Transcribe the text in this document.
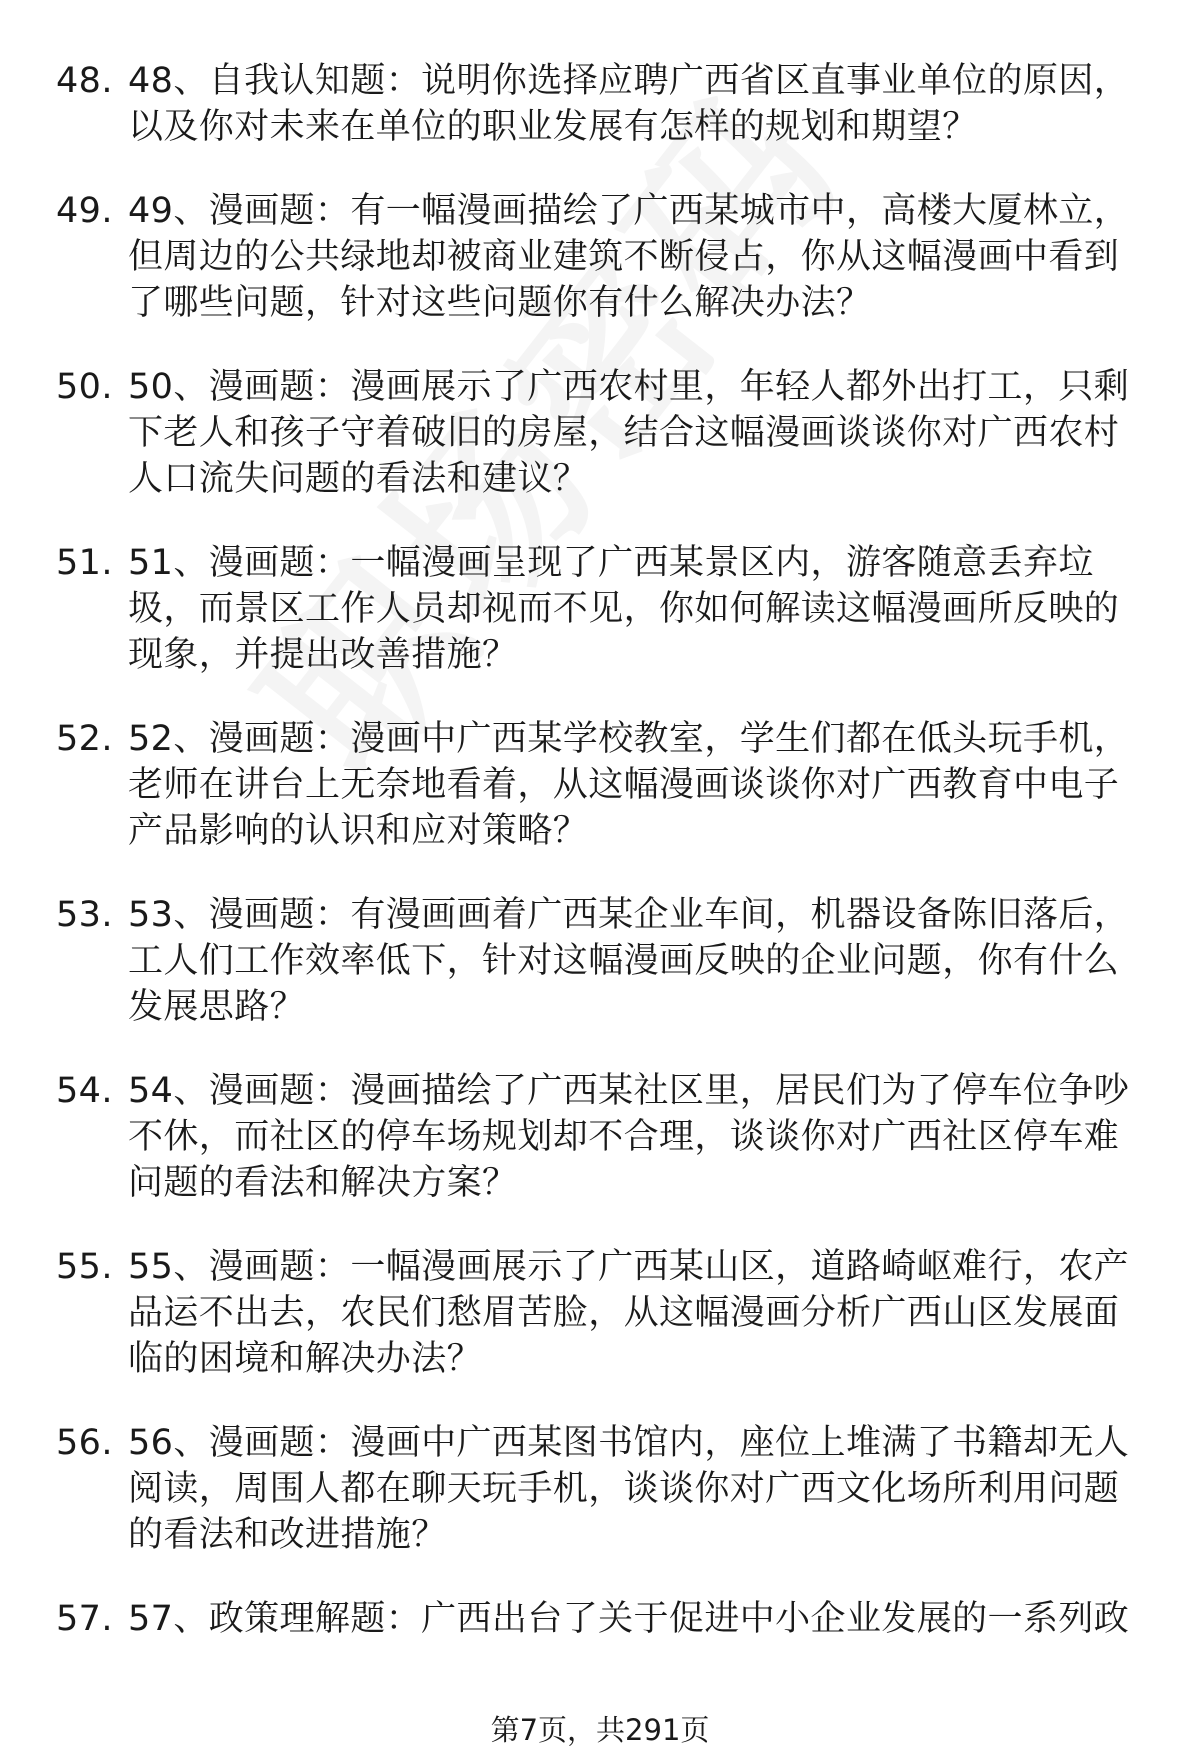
48. 48、自我认知题：说明你选择应聘广西省区直事业单位的原因，以及你对未来在单位的职业发展有怎样的规划和期望？
49. 49、漫画题：有一幅漫画描绘了广西某城市中，高楼大厦林立，但周边的公共绿地却被商业建筑不断侵占，你从这幅漫画中看到了哪些问题，针对这些问题你有什么解决办法？
50. 50、漫画题：漫画展示了广西农村里，年轻人都外出打工，只剩下老人和孩子守着破旧的房屋，结合这幅漫画谈谈你对广西农村人口流失问题的看法和建议？
51. 51、漫画题：一幅漫画呈现了广西某景区内，游客随意丢弃垃圾，而景区工作人员却视而不见，你如何解读这幅漫画所反映的现象，并提出改善措施？
52. 52、漫画题：漫画中广西某学校教室，学生们都在低头玩手机，老师在讲台上无奈地看着，从这幅漫画谈谈你对广西教育中电子产品影响的认识和应对策略？
53. 53、漫画题：有漫画画着广西某企业车间，机器设备陈旧落后，工人们工作效率低下，针对这幅漫画反映的企业问题，你有什么发展思路？
54. 54、漫画题：漫画描绘了广西某社区里，居民们为了停车位争吵不休，而社区的停车场规划却不合理，谈谈你对广西社区停车难问题的看法和解决方案？
55. 55、漫画题：一幅漫画展示了广西某山区，道路崎岖难行，农产品运不出去，农民们愁眉苦脸，从这幅漫画分析广西山区发展面临的困境和解决办法？
56. 56、漫画题：漫画中广西某图书馆内，座位上堆满了书籍却无人阅读，周围人都在聊天玩手机，谈谈你对广西文化场所利用问题的看法和改进措施？
57. 57、政策理解题：广西出台了关于促进中小企业发展的一系列政
第7页，共291页
